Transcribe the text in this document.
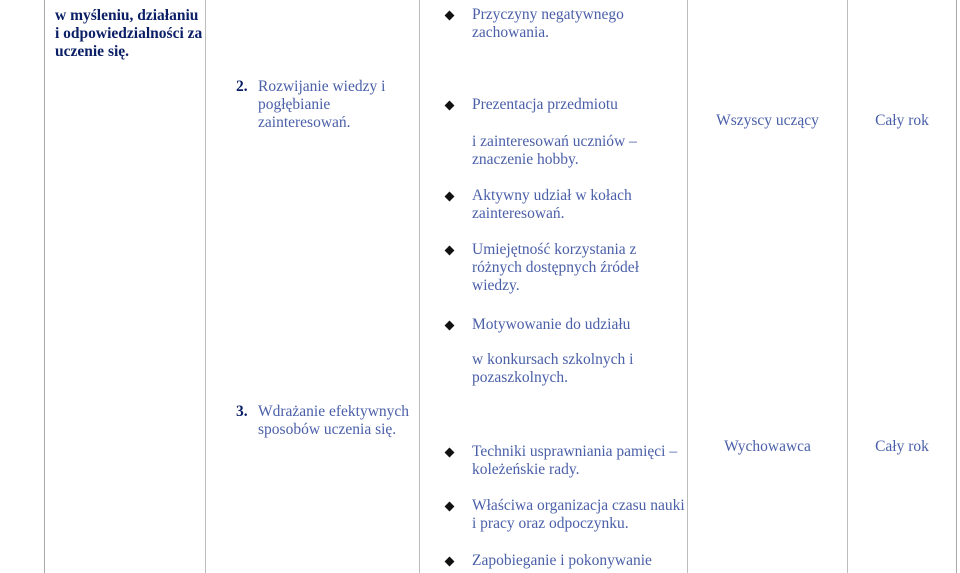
w myśleniu, działaniu i odpowiedzialności za uczenie się.
2. Rozwijanie wiedzy i pogłębianie zainteresowań.
3. Wdrażanie efektywnych sposobów uczenia się.
Przyczyny negatywnego zachowania.
Prezentacja przedmiotu
i zainteresowań uczniów – znaczenie hobby.
Aktywny udział w kołach zainteresowań.
Umiejętność korzystania z różnych dostępnych źródeł wiedzy.
Motywowanie do udziału
w konkursach szkolnych i pozaszkolnych.
Techniki usprawniania pamięci – koleżeńskie rady.
Właściwa organizacja czasu nauki i pracy oraz odpoczynku.
Zapobieganie i pokonywanie
Wszyscy uczący
Wychowawca
Cały rok
Cały rok
